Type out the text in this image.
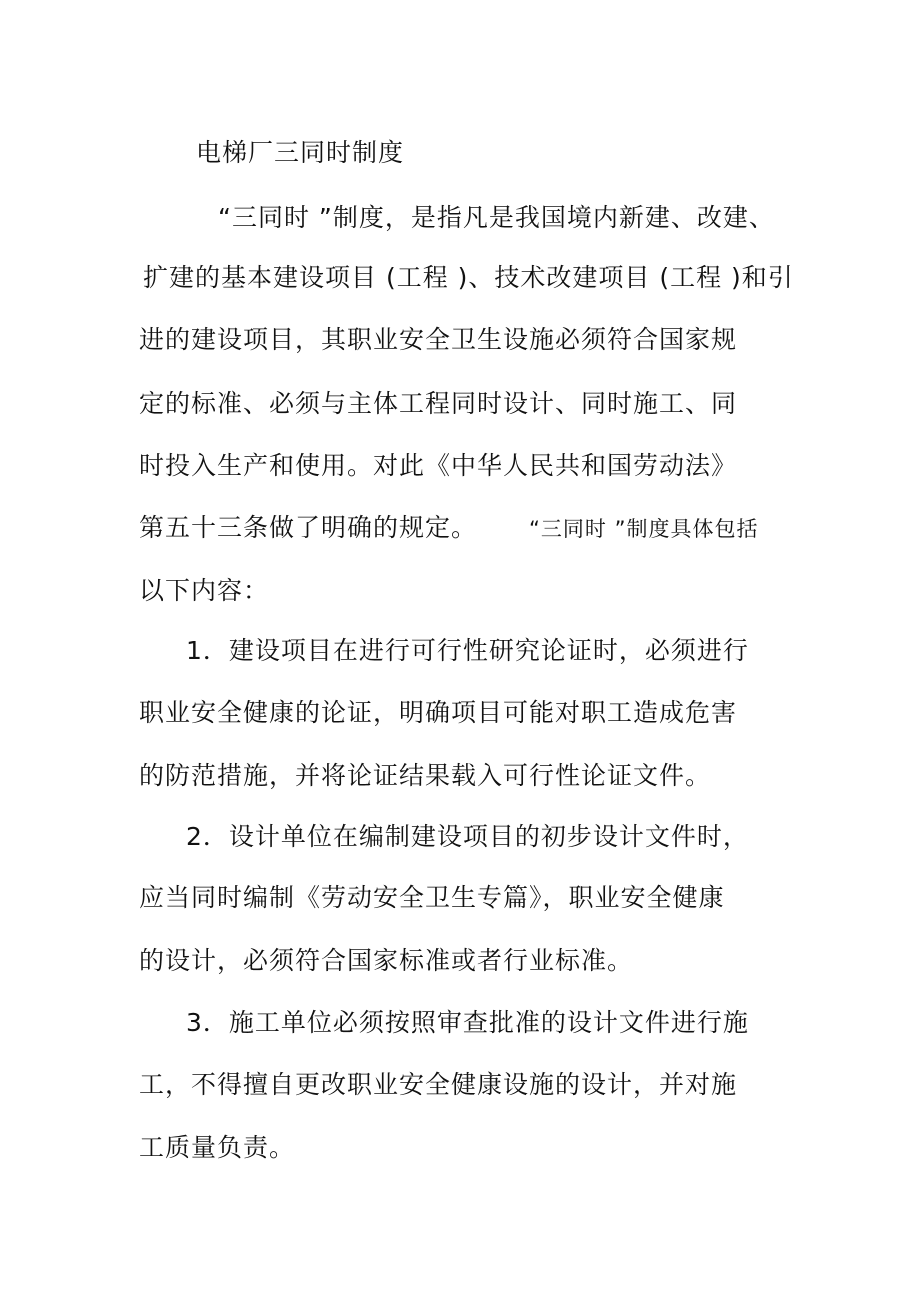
电梯厂三同时制度
“三同时 ”制度，是指凡是我国境内新建、改建、
扩建的基本建设项目 (工程 )、技术改建项目 (工程 )和引
进的建设项目，其职业安全卫生设施必须符合国家规
定的标准、必须与主体工程同时设计、同时施工、同
时投入生产和使用。对此《中华人民共和国劳动法》
第五十三条做了明确的规定。 “三同时 ”制度具体包括
以下内容：
1．建设项目在进行可行性研究论证时，必须进行
职业安全健康的论证，明确项目可能对职工造成危害
的防范措施，并将论证结果载入可行性论证文件。
2．设计单位在编制建设项目的初步设计文件时，
应当同时编制《劳动安全卫生专篇》，职业安全健康
的设计，必须符合国家标准或者行业标准。
3．施工单位必须按照审查批准的设计文件进行施
工，不得擅自更改职业安全健康设施的设计，并对施
工质量负责。
